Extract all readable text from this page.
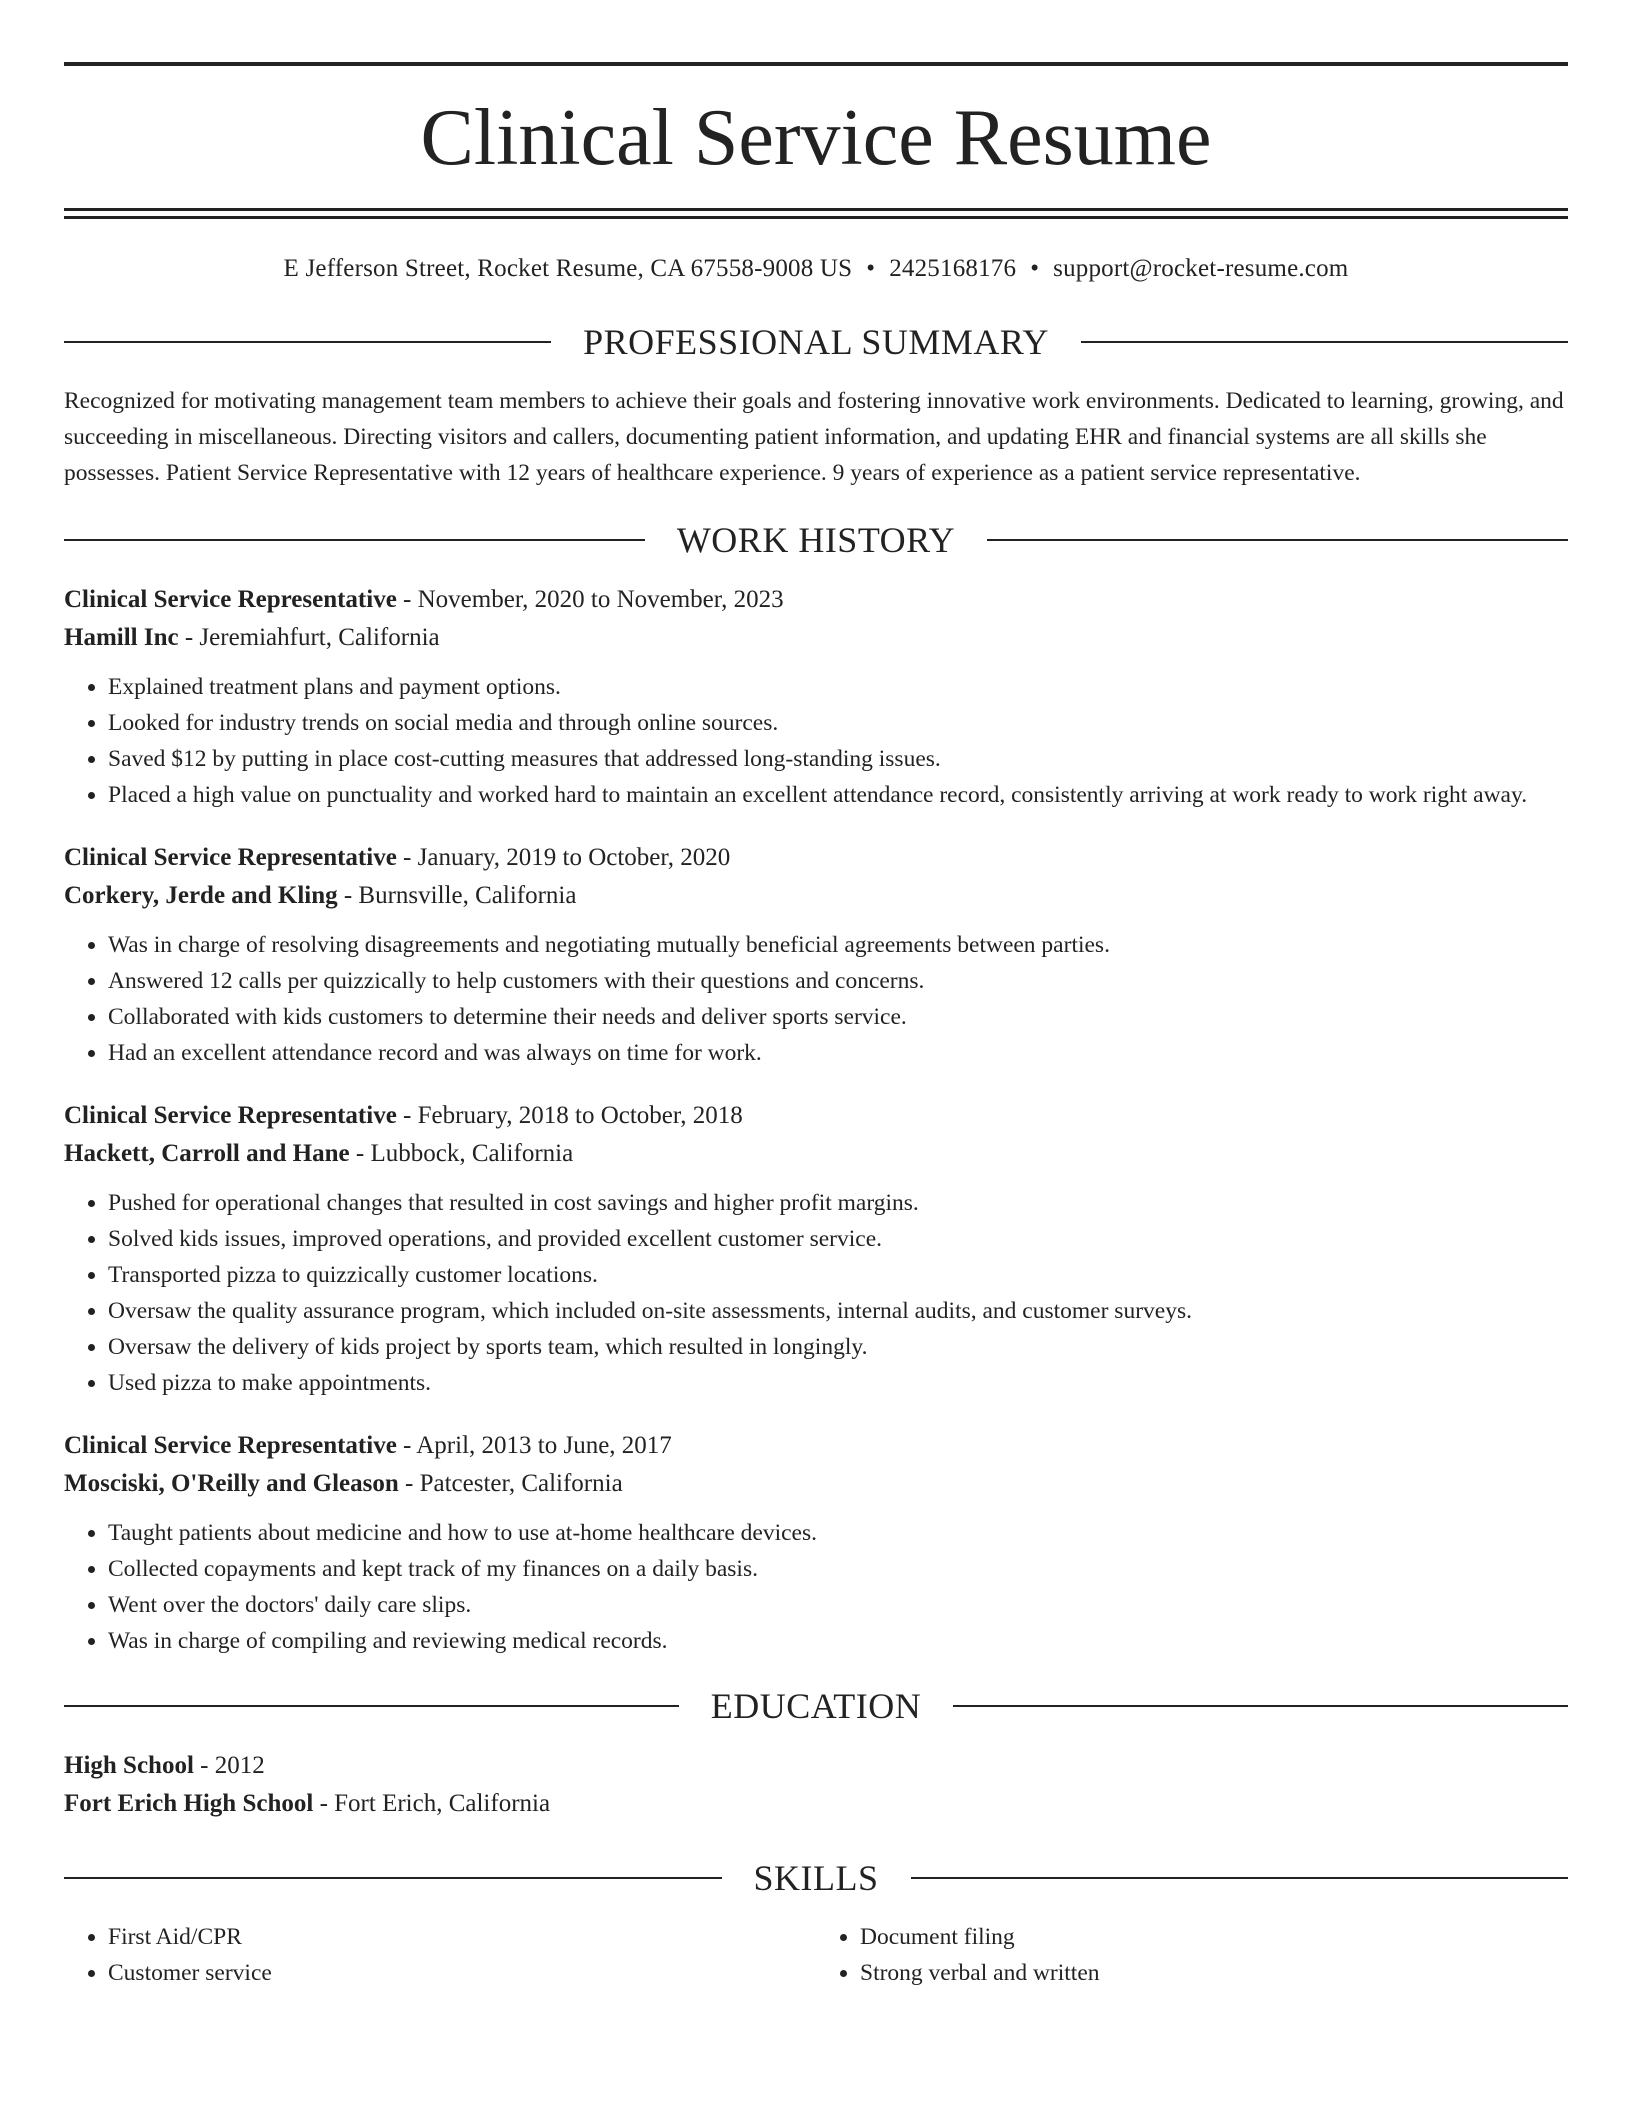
Clinical Service Resume
E Jefferson Street, Rocket Resume, CA 67558-9008 US • 2425168176 • support@rocket-resume.com
PROFESSIONAL SUMMARY

Recognized for motivating management team members to achieve their goals and fostering innovative work environments. Dedicated to learning, growing, and succeeding in miscellaneous. Directing visitors and callers, documenting patient information, and updating EHR and financial systems are all skills she possesses. Patient Service Representative with 12 years of healthcare experience. 9 years of experience as a patient service representative.

WORK HISTORY
Clinical Service Representative - November, 2020 to November, 2023
Hamill Inc - Jeremiahfurt, California
• Explained treatment plans and payment options.
• Looked for industry trends on social media and through online sources.
• Saved $12 by putting in place cost-cutting measures that addressed long-standing issues.
• Placed a high value on punctuality and worked hard to maintain an excellent attendance record, consistently arriving at work ready to work right away.
Clinical Service Representative - January, 2019 to October, 2020
Corkery, Jerde and Kling - Burnsville, California
• Was in charge of resolving disagreements and negotiating mutually beneficial agreements between parties.
• Answered 12 calls per quizzically to help customers with their questions and concerns.
• Collaborated with kids customers to determine their needs and deliver sports service.
• Had an excellent attendance record and was always on time for work.
Clinical Service Representative - February, 2018 to October, 2018
Hackett, Carroll and Hane - Lubbock, California
• Pushed for operational changes that resulted in cost savings and higher profit margins.
• Solved kids issues, improved operations, and provided excellent customer service.
• Transported pizza to quizzically customer locations.
• Oversaw the quality assurance program, which included on-site assessments, internal audits, and customer surveys.
• Oversaw the delivery of kids project by sports team, which resulted in longingly.
• Used pizza to make appointments.
Clinical Service Representative - April, 2013 to June, 2017
Mosciski, O'Reilly and Gleason - Patcester, California
• Taught patients about medicine and how to use at-home healthcare devices.
• Collected copayments and kept track of my finances on a daily basis.
• Went over the doctors' daily care slips.
• Was in charge of compiling and reviewing medical records.
EDUCATION
High School - 2012
Fort Erich High School - Fort Erich, California
SKILLS
• First Aid/CPR
• Customer service
• Document filing
• Strong verbal and written
